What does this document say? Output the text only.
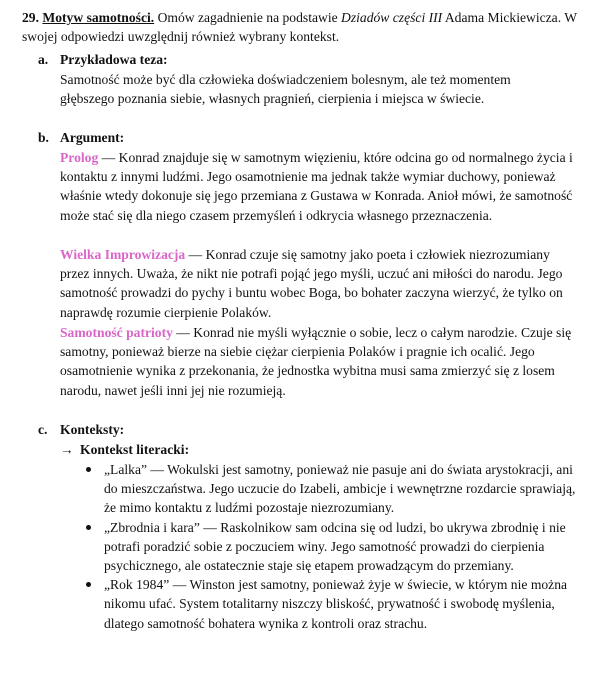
29. Motyw samotności. Omów zagadnienie na podstawie Dziadów części III Adama Mickiewicza. W swojej odpowiedzi uwzględnij również wybrany kontekst.
a. Przykładowa teza:
Samotność może być dla człowieka doświadczeniem bolesnym, ale też momentem głębszego poznania siebie, własnych pragnień, cierpienia i miejsca w świecie.
b. Argument:
Prolog — Konrad znajduje się w samotnym więzieniu, które odcina go od normalnego życia i kontaktu z innymi ludźmi. Jego osamotnienie ma jednak także wymiar duchowy, ponieważ właśnie wtedy dokonuje się jego przemiana z Gustawa w Konrada. Anioł mówi, że samotność może stać się dla niego czasem przemyśleń i odkrycia własnego przeznaczenia.
Wielka Improwizacja — Konrad czuje się samotny jako poeta i człowiek niezrozumiany przez innych. Uważa, że nikt nie potrafi pojąć jego myśli, uczuć ani miłości do narodu. Jego samotność prowadzi do pychy i buntu wobec Boga, bo bohater zaczyna wierzyć, że tylko on naprawdę rozumie cierpienie Polaków.
Samotność patrioty — Konrad nie myśli wyłącznie o sobie, lecz o całym narodzie. Czuje się samotny, ponieważ bierze na siebie ciężar cierpienia Polaków i pragnie ich ocalić. Jego osamotnienie wynika z przekonania, że jednostka wybitna musi sama zmierzyć się z losem narodu, nawet jeśli inni jej nie rozumieją.
c. Konteksty:
→ Kontekst literacki:
„Lalka” — Wokulski jest samotny, ponieważ nie pasuje ani do świata arystokracji, ani do mieszczaństwa. Jego uczucie do Izabeli, ambicje i wewnętrzne rozdarcie sprawiają, że mimo kontaktu z ludźmi pozostaje niezrozumiany.
„Zbrodnia i kara” — Raskolnikow sam odcina się od ludzi, bo ukrywa zbrodnię i nie potrafi poradzić sobie z poczuciem winy. Jego samotność prowadzi do cierpienia psychicznego, ale ostatecznie staje się etapem prowadzącym do przemiany.
„Rok 1984” — Winston jest samotny, ponieważ żyje w świecie, w którym nie można nikomu ufać. System totalitarny niszczy bliskość, prywatność i swobodę myślenia, dlatego samotność bohatera wynika z kontroli oraz strachu.
